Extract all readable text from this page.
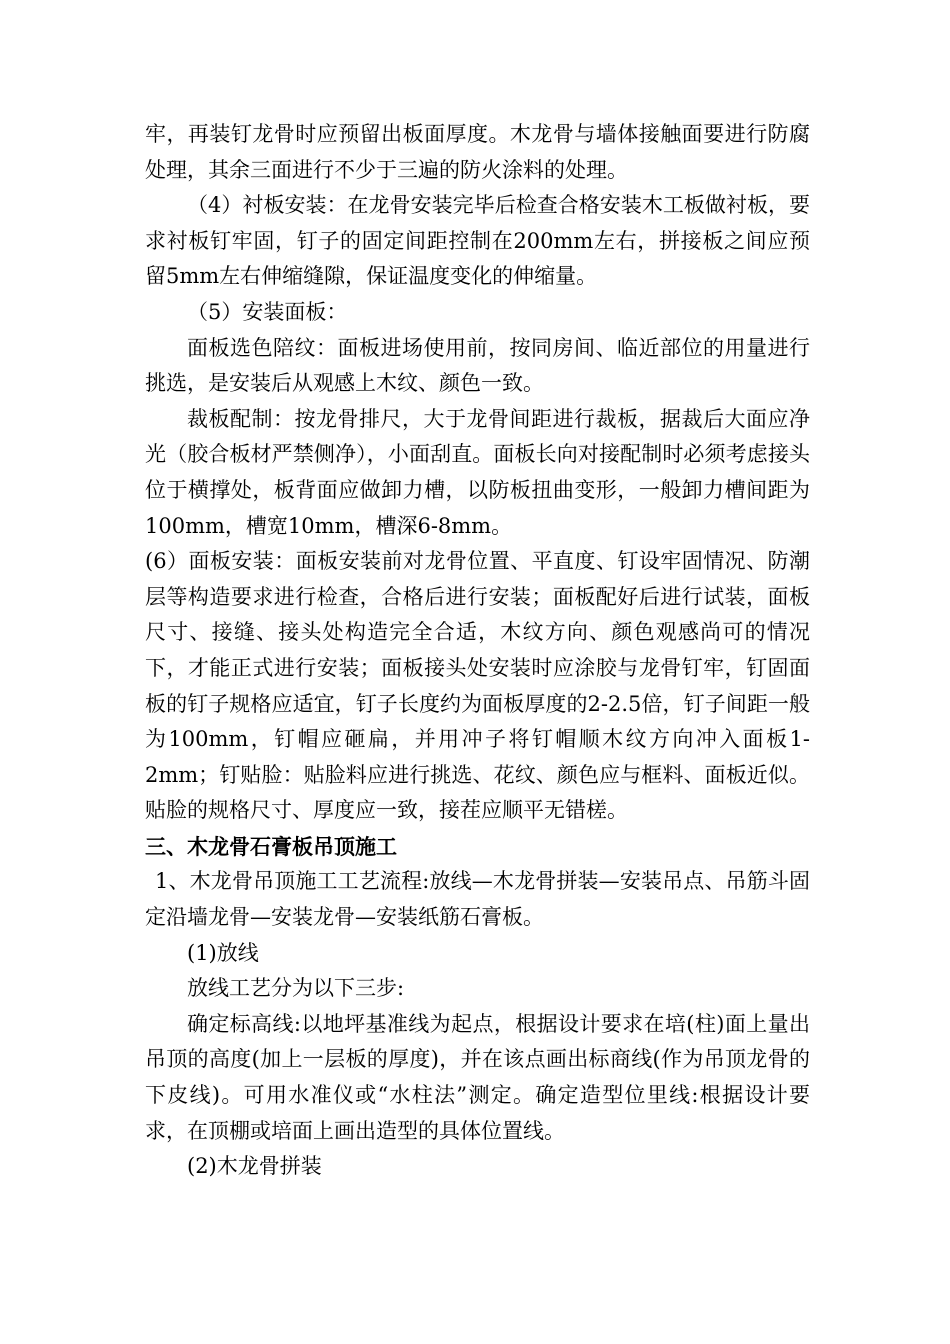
牢，再装钉龙骨时应预留出板面厚度。木龙骨与墙体接触面要进行防腐处理，其余三面进行不少于三遍的防火涂料的处理。

（4）衬板安装：在龙骨安装完毕后检查合格安装木工板做衬板，要求衬板钉牢固，钉子的固定间距控制在200mm左右，拼接板之间应预留5mm左右伸缩缝隙，保证温度变化的伸缩量。

（5）安装面板：

面板选色陪纹：面板进场使用前，按同房间、临近部位的用量进行挑选，是安装后从观感上木纹、颜色一致。

裁板配制：按龙骨排尺，大于龙骨间距进行裁板，据裁后大面应净光（胶合板材严禁侧净），小面刮直。面板长向对接配制时必须考虑接头位于横撑处，板背面应做卸力槽，以防板扭曲变形，一般卸力槽间距为100mm，槽宽10mm，槽深6-8mm。

(6）面板安装：面板安装前对龙骨位置、平直度、钉设牢固情况、防潮层等构造要求进行检查，合格后进行安装；面板配好后进行试装，面板尺寸、接缝、接头处构造完全合适，木纹方向、颜色观感尚可的情况下，才能正式进行安装；面板接头处安装时应涂胶与龙骨钉牢，钉固面板的钉子规格应适宜，钉子长度约为面板厚度的2-2.5倍，钉子间距一般为100mm，钉帽应砸扁，并用冲子将钉帽顺木纹方向冲入面板1-2mm；钉贴脸：贴脸料应进行挑选、花纹、颜色应与框料、面板近似。贴脸的规格尺寸、厚度应一致，接茬应顺平无错槎。

三、木龙骨石膏板吊顶施工

1、木龙骨吊顶施工工艺流程:放线—木龙骨拼装—安装吊点、吊筋斗固定沿墙龙骨—安装龙骨—安装纸筋石膏板。

(1)放线

放线工艺分为以下三步:

确定标高线:以地坪基准线为起点，根据设计要求在培(柱)面上量出吊顶的高度(加上一层板的厚度)，并在该点画出标商线(作为吊顶龙骨的下皮线)。可用水准仪或“水柱法”测定。确定造型位里线:根据设计要求，在顶棚或培面上画出造型的具体位置线。

(2)木龙骨拼装
